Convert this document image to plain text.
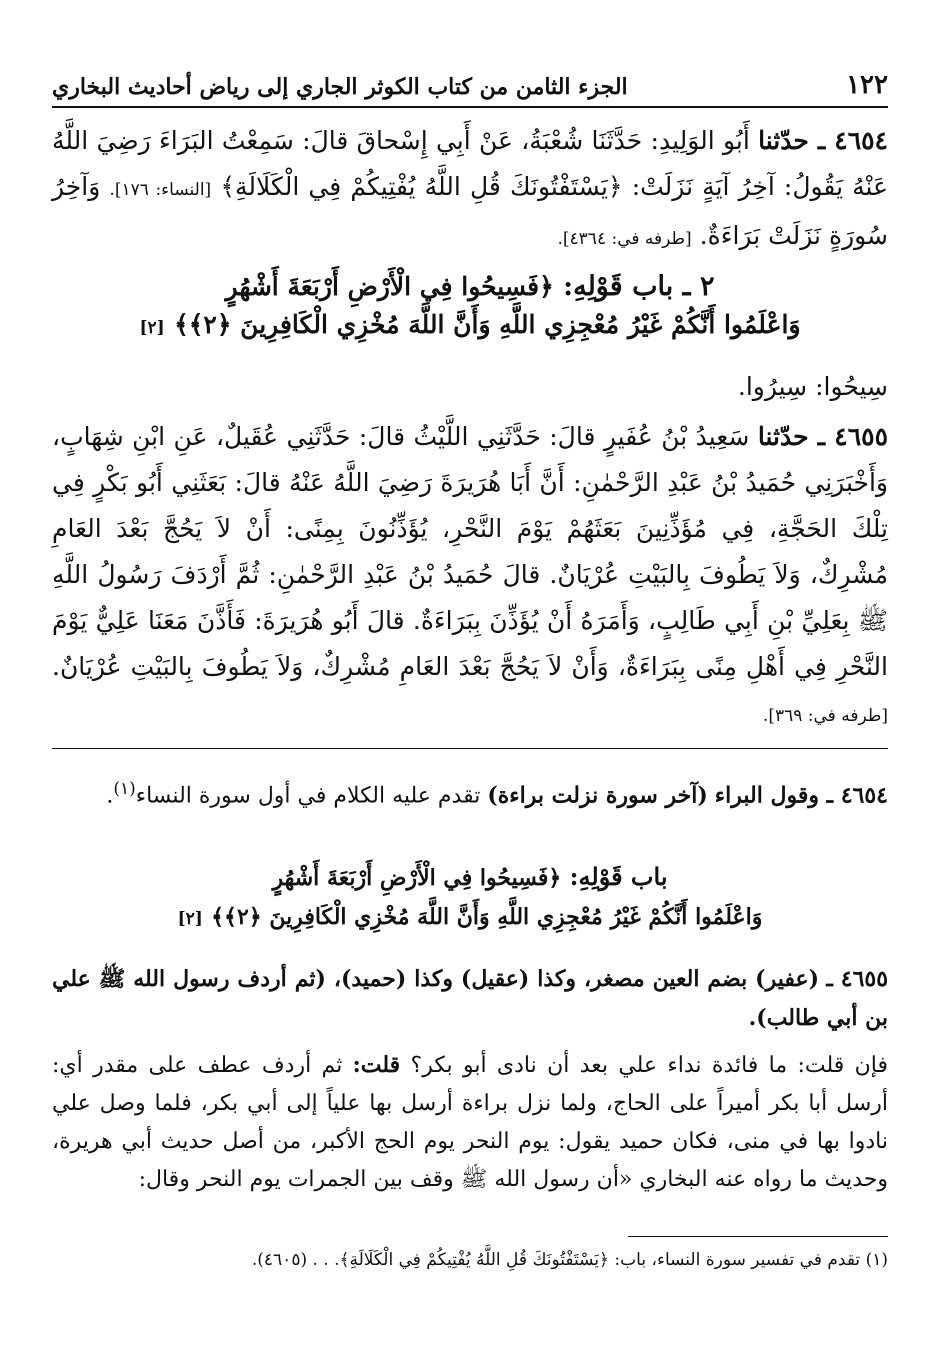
١٢٢
الجزء الثامن من كتاب الكوثر الجاري إلى رياض أحاديث البخاري
٤٦٥٤ ـ حدّثنا أَبُو الوَلِيدِ: حَدَّثَنَا شُعْبَةُ، عَنْ أَبِي إِسْحاقَ قالَ: سَمِعْتُ البَرَاءَ رَضِيَ اللَّهُ عَنْهُ يَقُولُ: آخِرُ آيَةٍ نَزَلَتْ: ﴿يَسْتَفْتُونَكَ قُلِ اللَّهُ يُفْتِيكُمْ فِي الْكَلَالَةِ﴾ [النساء: ١٧٦]. وَآخِرُ سُورَةٍ نَزَلَتْ بَرَاءَةٌ. [طرفه في: ٤٣٦٤].
٢ ـ باب قَوْلِهِ: ﴿فَسِيحُوا فِي الْأَرْضِ أَرْبَعَةَ أَشْهُرٍ
وَاعْلَمُوا أَنَّكُمْ غَيْرُ مُعْجِزِي اللَّهِ وَأَنَّ اللَّهَ مُخْزِي الْكَافِرِينَ ﴿٢﴾﴾ [٢]
سِيحُوا: سِيرُوا.
٤٦٥٥ ـ حدّثنا سَعِيدُ بْنُ عُفَيرٍ قالَ: حَدَّثَنِي اللَّيْثُ قالَ: حَدَّثَنِي عُقَيلٌ، عَنِ ابْنِ شِهَابٍ، وَأَخْبَرَنِي حُمَيدُ بْنُ عَبْدِ الرَّحْمٰنِ: أَنَّ أَبَا هُرَيرَةَ رَضِيَ اللَّهُ عَنْهُ قالَ: بَعَثَنِي أَبُو بَكْرٍ فِي تِلْكَ الحَجَّةِ، فِي مُؤَذِّنِينَ بَعَثَهُمْ يَوْمَ النَّحْرِ، يُؤَذِّنُونَ بِمِنًى: أَنْ لاَ يَحُجَّ بَعْدَ العَامِ مُشْرِكٌ، وَلاَ يَطُوفَ بِالبَيْتِ عُرْيَانٌ. قالَ حُمَيدُ بْنُ عَبْدِ الرَّحْمٰنِ: ثُمَّ أَرْدَفَ رَسُولُ اللَّهِ ﷺ بِعَلِيِّ بْنِ أَبِي طَالِبٍ، وَأَمَرَهُ أَنْ يُؤَذِّنَ بِبَرَاءَةٌ. قالَ أَبُو هُرَيرَةَ: فَأَذَّنَ مَعَنَا عَلِيٌّ يَوْمَ النَّحْرِ فِي أَهْلِ مِنًى بِبَرَاءَةٌ، وَأَنْ لاَ يَحُجَّ بَعْدَ العَامِ مُشْرِكٌ، وَلاَ يَطُوفَ بِالبَيْتِ عُرْيَانٌ. [طرفه في: ٣٦٩].
٤٦٥٤ ـ وقول البراء (آخر سورة نزلت براءة) تقدم عليه الكلام في أول سورة النساء$^{(١)}$.
باب قَوْلِهِ: ﴿فَسِيحُوا فِي الْأَرْضِ أَرْبَعَةَ أَشْهُرٍ
وَاعْلَمُوا أَنَّكُمْ غَيْرُ مُعْجِزِي اللَّهِ وَأَنَّ اللَّهَ مُخْزِي الْكَافِرِينَ ﴿٢﴾﴾ [٢]
٤٦٥٥ ـ (عفير) بضم العين مصغر، وكذا (عقيل) وكذا (حميد)، (ثم أردف رسول الله ﷺ علي بن أبي طالب).
فإن قلت: ما فائدة نداء علي بعد أن نادى أبو بكر؟ قلت: ثم أردف عطف على مقدر أي: أرسل أبا بكر أميراً على الحاج، ولما نزل براءة أرسل بها علياً إلى أبي بكر، فلما وصل علي نادوا بها في منى، فكان حميد يقول: يوم النحر يوم الحج الأكبر، من أصل حديث أبي هريرة، وحديث ما رواه عنه البخاري «أن رسول الله ﷺ وقف بين الجمرات يوم النحر وقال:
(١) تقدم في تفسير سورة النساء، باب: ﴿يَسْتَفْتُونَكَ قُلِ اللَّهُ يُفْتِيكُمْ فِي الْكَلَالَةِ﴾. . . (٤٦٠٥).
